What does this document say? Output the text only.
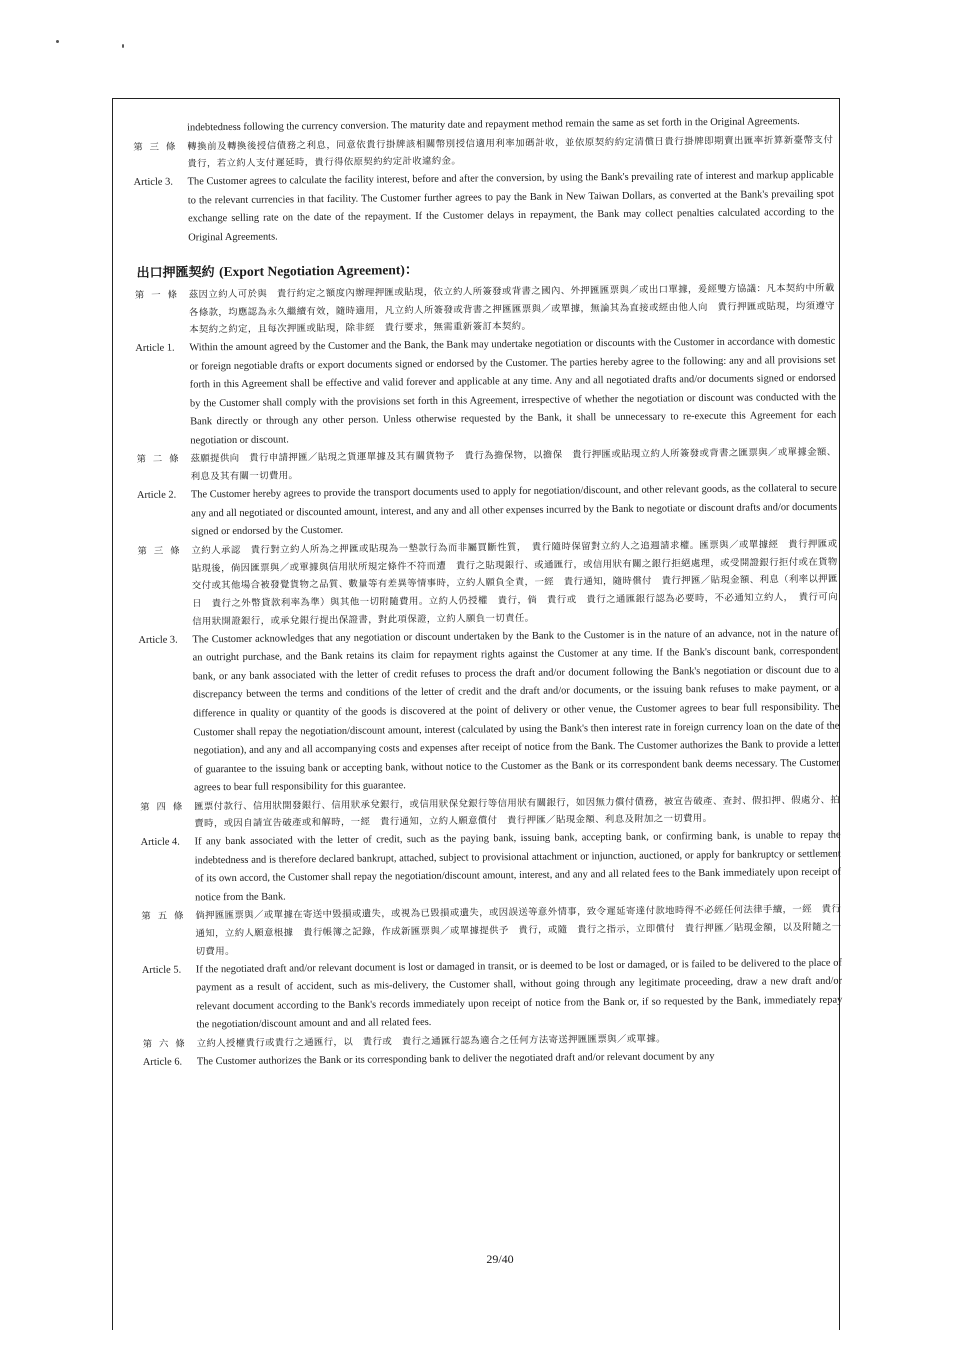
indebtedness following the currency conversion. The maturity date and repayment method remain the same as set forth in the Original Agreements.
第 三 條	轉換前及轉換後授信債務之利息，同意依貴行掛牌該相關幣別授信適用利率加碼計收，並依原契約約定清償日貴行掛牌即期賣出匯率折算新臺幣支付　貴行，若立約人支付遲延時，貴行得依原契約約定計收違約金。
Article 3.	The Customer agrees to calculate the facility interest, before and after the conversion, by using the Bank's prevailing rate of interest and markup applicable to the relevant currencies in that facility. The Customer further agrees to pay the Bank in New Taiwan Dollars, as converted at the Bank's prevailing spot exchange selling rate on the date of the repayment. If the Customer delays in repayment, the Bank may collect penalties calculated according to the Original Agreements.
出口押匯契約 (Export Negotiation Agreement)：
第 一 條	茲因立約人可於與　貴行約定之額度內辦理押匯或貼現，依立約人所簽發或背書之國內、外押匯匯票與／或出口單據，爰經雙方協議：凡本契約中所載各條款，均應認為永久繼續有效，隨時適用，凡立約人所簽發或背書之押匯匯票與／或單據，無論其為直接或經由他人向　貴行押匯或貼現，均須遵守本契約之約定，且每次押匯或貼現，除非經　貴行要求，無需重新簽訂本契約。
Article 1.	Within the amount agreed by the Customer and the Bank, the Bank may undertake negotiation or discounts with the Customer in accordance with domestic or foreign negotiable drafts or export documents signed or endorsed by the Customer. The parties hereby agree to the following: any and all provisions set forth in this Agreement shall be effective and valid forever and applicable at any time. Any and all negotiated drafts and/or documents signed or endorsed by the Customer shall comply with the provisions set forth in this Agreement, irrespective of whether the negotiation or discount was conducted with the Bank directly or through any other person. Unless otherwise requested by the Bank, it shall be unnecessary to re-execute this Agreement for each negotiation or discount.
第 二 條	茲願提供向　貴行申請押匯／貼現之貨運單據及其有關貨物予　貴行為擔保物，以擔保　貴行押匯或貼現立約人所簽發或背書之匯票與／或單據金額、利息及其有關一切費用。
Article 2.	The Customer hereby agrees to provide the transport documents used to apply for negotiation/discount, and other relevant goods, as the collateral to secure any and all negotiated or discounted amount, interest, and any and all other expenses incurred by the Bank to negotiate or discount drafts and/or documents signed or endorsed by the Customer.
第 三 條	立約人承認　貴行對立約人所為之押匯或貼現為一墊款行為而非屬買斷性質，　貴行隨時保留對立約人之追週請求權。匯票與／或單據經　貴行押匯或貼現後，倘因匯票與／或單據與信用狀所規定條件不符而遭　貴行之貼現銀行、或通匯行，或信用狀有關之銀行拒絕處理，或受開證銀行拒付或在貨物交付或其他場合被發覺貨物之品質、數量等有差異等情事時，立約人願負全責，一經　貴行通知，隨時償付　貴行押匯／貼現金額、利息（利率以押匯日　貴行之外幣貸款利率為準）與其他一切附隨費用。立約人仍授權　貴行，倘　貴行或　貴行之通匯銀行認為必要時，不必通知立約人，　貴行可向信用狀開證銀行，或承兌銀行提出保證書，對此項保證，立約人願負一切責任。
Article 3.	The Customer acknowledges that any negotiation or discount undertaken by the Bank to the Customer is in the nature of an advance, not in the nature of an outright purchase, and the Bank retains its claim for repayment rights against the Customer at any time. If the Bank's discount bank, correspondent bank, or any bank associated with the letter of credit refuses to process the draft and/or document following the Bank's negotiation or discount due to a discrepancy between the terms and conditions of the letter of credit and the draft and/or documents, or the issuing bank refuses to make payment, or a difference in quality or quantity of the goods is discovered at the point of delivery or other venue, the Customer agrees to bear full responsibility. The Customer shall repay the negotiation/discount amount, interest (calculated by using the Bank's then interest rate in foreign currency loan on the date of the negotiation), and any and all accompanying costs and expenses after receipt of notice from the Bank. The Customer authorizes the Bank to provide a letter of guarantee to the issuing bank or accepting bank, without notice to the Customer as the Bank or its correspondent bank deems necessary. The Customer agrees to bear full responsibility for this guarantee.
第 四 條	匯票付款行、信用狀開發銀行、信用狀承兌銀行，或信用狀保兌銀行等信用狀有關銀行，如因無力償付債務，被宣告破產、查封、假扣押、假處分、拍賣時，或因自請宣告破產或和解時，一經　貴行通知，立約人願意償付　貴行押匯／貼現金額、利息及附加之一切費用。
Article 4.	If any bank associated with the letter of credit, such as the paying bank, issuing bank, accepting bank, or confirming bank, is unable to repay the indebtedness and is therefore declared bankrupt, attached, subject to provisional attachment or injunction, auctioned, or apply for bankruptcy or settlement of its own accord, the Customer shall repay the negotiation/discount amount, interest, and any and all related fees to the Bank immediately upon receipt of notice from the Bank.
第 五 條	倘押匯匯票與／或單據在寄送中毀損或遺失，或視為已毀損或遺失，或因誤送等意外情事，致令遲延寄達付款地時得不必經任何法律手續，一經　貴行通知，立約人願意根據　貴行帳簿之記錄，作成新匯票與／或單據提供予　貴行，或隨　貴行之指示，立即償付　貴行押匯／貼現金額，以及附隨之一切費用。
Article 5.	If the negotiated draft and/or relevant document is lost or damaged in transit, or is deemed to be lost or damaged, or is failed to be delivered to the place of payment as a result of accident, such as mis-delivery, the Customer shall, without going through any legitimate proceeding, draw a new draft and/or relevant document according to the Bank's records immediately upon receipt of notice from the Bank or, if so requested by the Bank, immediately repay the negotiation/discount amount and and all related fees.
第 六 條	立約人授權貴行或貴行之通匯行，以　貴行或　貴行之通匯行認為適合之任何方法寄送押匯匯票與／或單據。
Article 6.	The Customer authorizes the Bank or its corresponding bank to deliver the negotiated draft and/or relevant document by any
29/40
